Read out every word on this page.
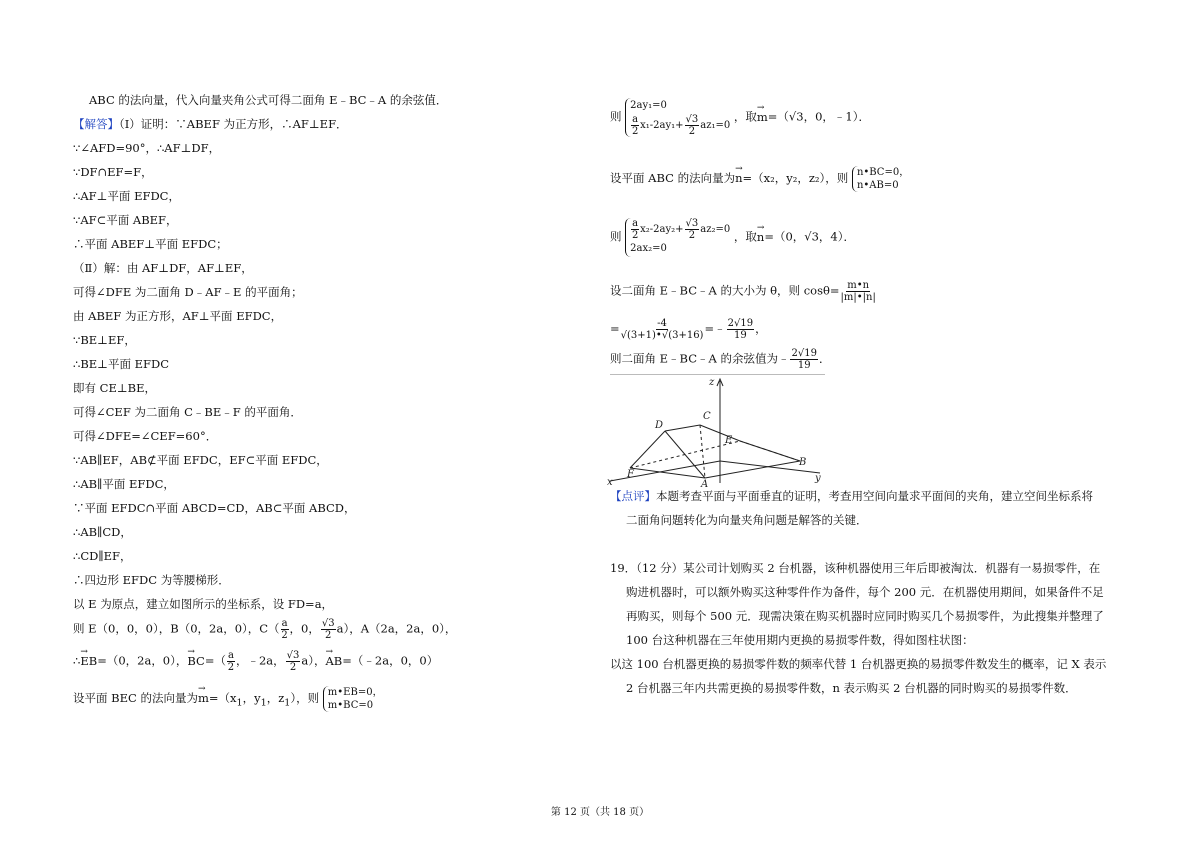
ABC 的法向量，代入向量夹角公式可得二面角 E﹣BC﹣A 的余弦值．
【解答】（Ⅰ）证明：∵ABEF 为正方形，∴AF⊥EF．
∵∠AFD=90°，∴AF⊥DF，
∵DF∩EF=F，
∴AF⊥平面 EFDC，
∵AF⊂平面 ABEF，
∴平面 ABEF⊥平面 EFDC；
（Ⅱ）解：由 AF⊥DF，AF⊥EF，
可得∠DFE 为二面角 D﹣AF﹣E 的平面角；
由 ABEF 为正方形，AF⊥平面 EFDC，
∵BE⊥EF，
∴BE⊥平面 EFDC
即有 CE⊥BE，
可得∠CEF 为二面角 C﹣BE﹣F 的平面角．
可得∠DFE=∠CEF=60°．
∵AB∥EF，AB⊄平面 EFDC，EF⊂平面 EFDC，
∴AB∥平面 EFDC，
∵平面 EFDC∩平面 ABCD=CD，AB⊂平面 ABCD，
∴AB∥CD，
∴CD∥EF，
∴四边形 EFDC 为等腰梯形．
以 E 为原点，建立如图所示的坐标系，设 FD=a，
则 E（0，0，0），B（0，2a，0），$C( \frac{a}{2}$ ，0， $\frac{√3}{2} a$），A（2a，2a，0），
∴→ EB=（0，2a，0），→ $BC=( \frac{a}{2}$ ，﹣2a， $\frac{√3}{2} a$），→ AB=（﹣2a，0，0）
设平面 BEC 的法向量为→ $m=(x_1$，$y_1$，$z_1$），则 m•EB=0，
m•BC=0
则
2ay₁=0
$\frac{a}{2} x_1-2ay_1+ \frac{√3}{2} az_1=0$
，取→ m=（√3，0，﹣1）．
设平面 ABC 的法向量为→ n=（x₂，y₂，z₂），则 n•BC=0，
n•AB=0
则 $\frac{a}{2} x_2-2ay_2+ \frac{√3}{2} az_2=0$
2ax₂=0
，取→ n=（0，√3，4）．
设二面角 E﹣BC﹣A 的大小为 θ，则 $\cos\theta= \frac{m•n}{|m|•|n|}$
= $\frac{-4}{√(3+1)•√(3+16)}$ =﹣ $\frac{2√19}{19}$ ，
则二面角 E﹣BC﹣A 的余弦值为﹣ $\frac{2√19}{19}$ ．
【点评】本题考查平面与平面垂直的证明，考查用空间向量求平面间的夹角，建立空间坐标系将
二面角问题转化为向量夹角问题是解答的关键．
19．（12 分）某公司计划购买 2 台机器，该种机器使用三年后即被淘汰．机器有一易损零件，在
购进机器时，可以额外购买这种零件作为备件，每个 200 元．在机器使用期间，如果备件不足
再购买，则每个 500 元．现需决策在购买机器时应同时购买几个易损零件，为此搜集并整理了
100 台这种机器在三年使用期内更换的易损零件数，得如图柱状图：
以这 100 台机器更换的易损零件数的频率代替 1 台机器更换的易损零件数发生的概率，记 X 表示
2 台机器三年内共需更换的易损零件数，n 表示购买 2 台机器的同时购买的易损零件数．
z
y
x
D
C
E
F
A
B
第 12 页（共 18 页）
